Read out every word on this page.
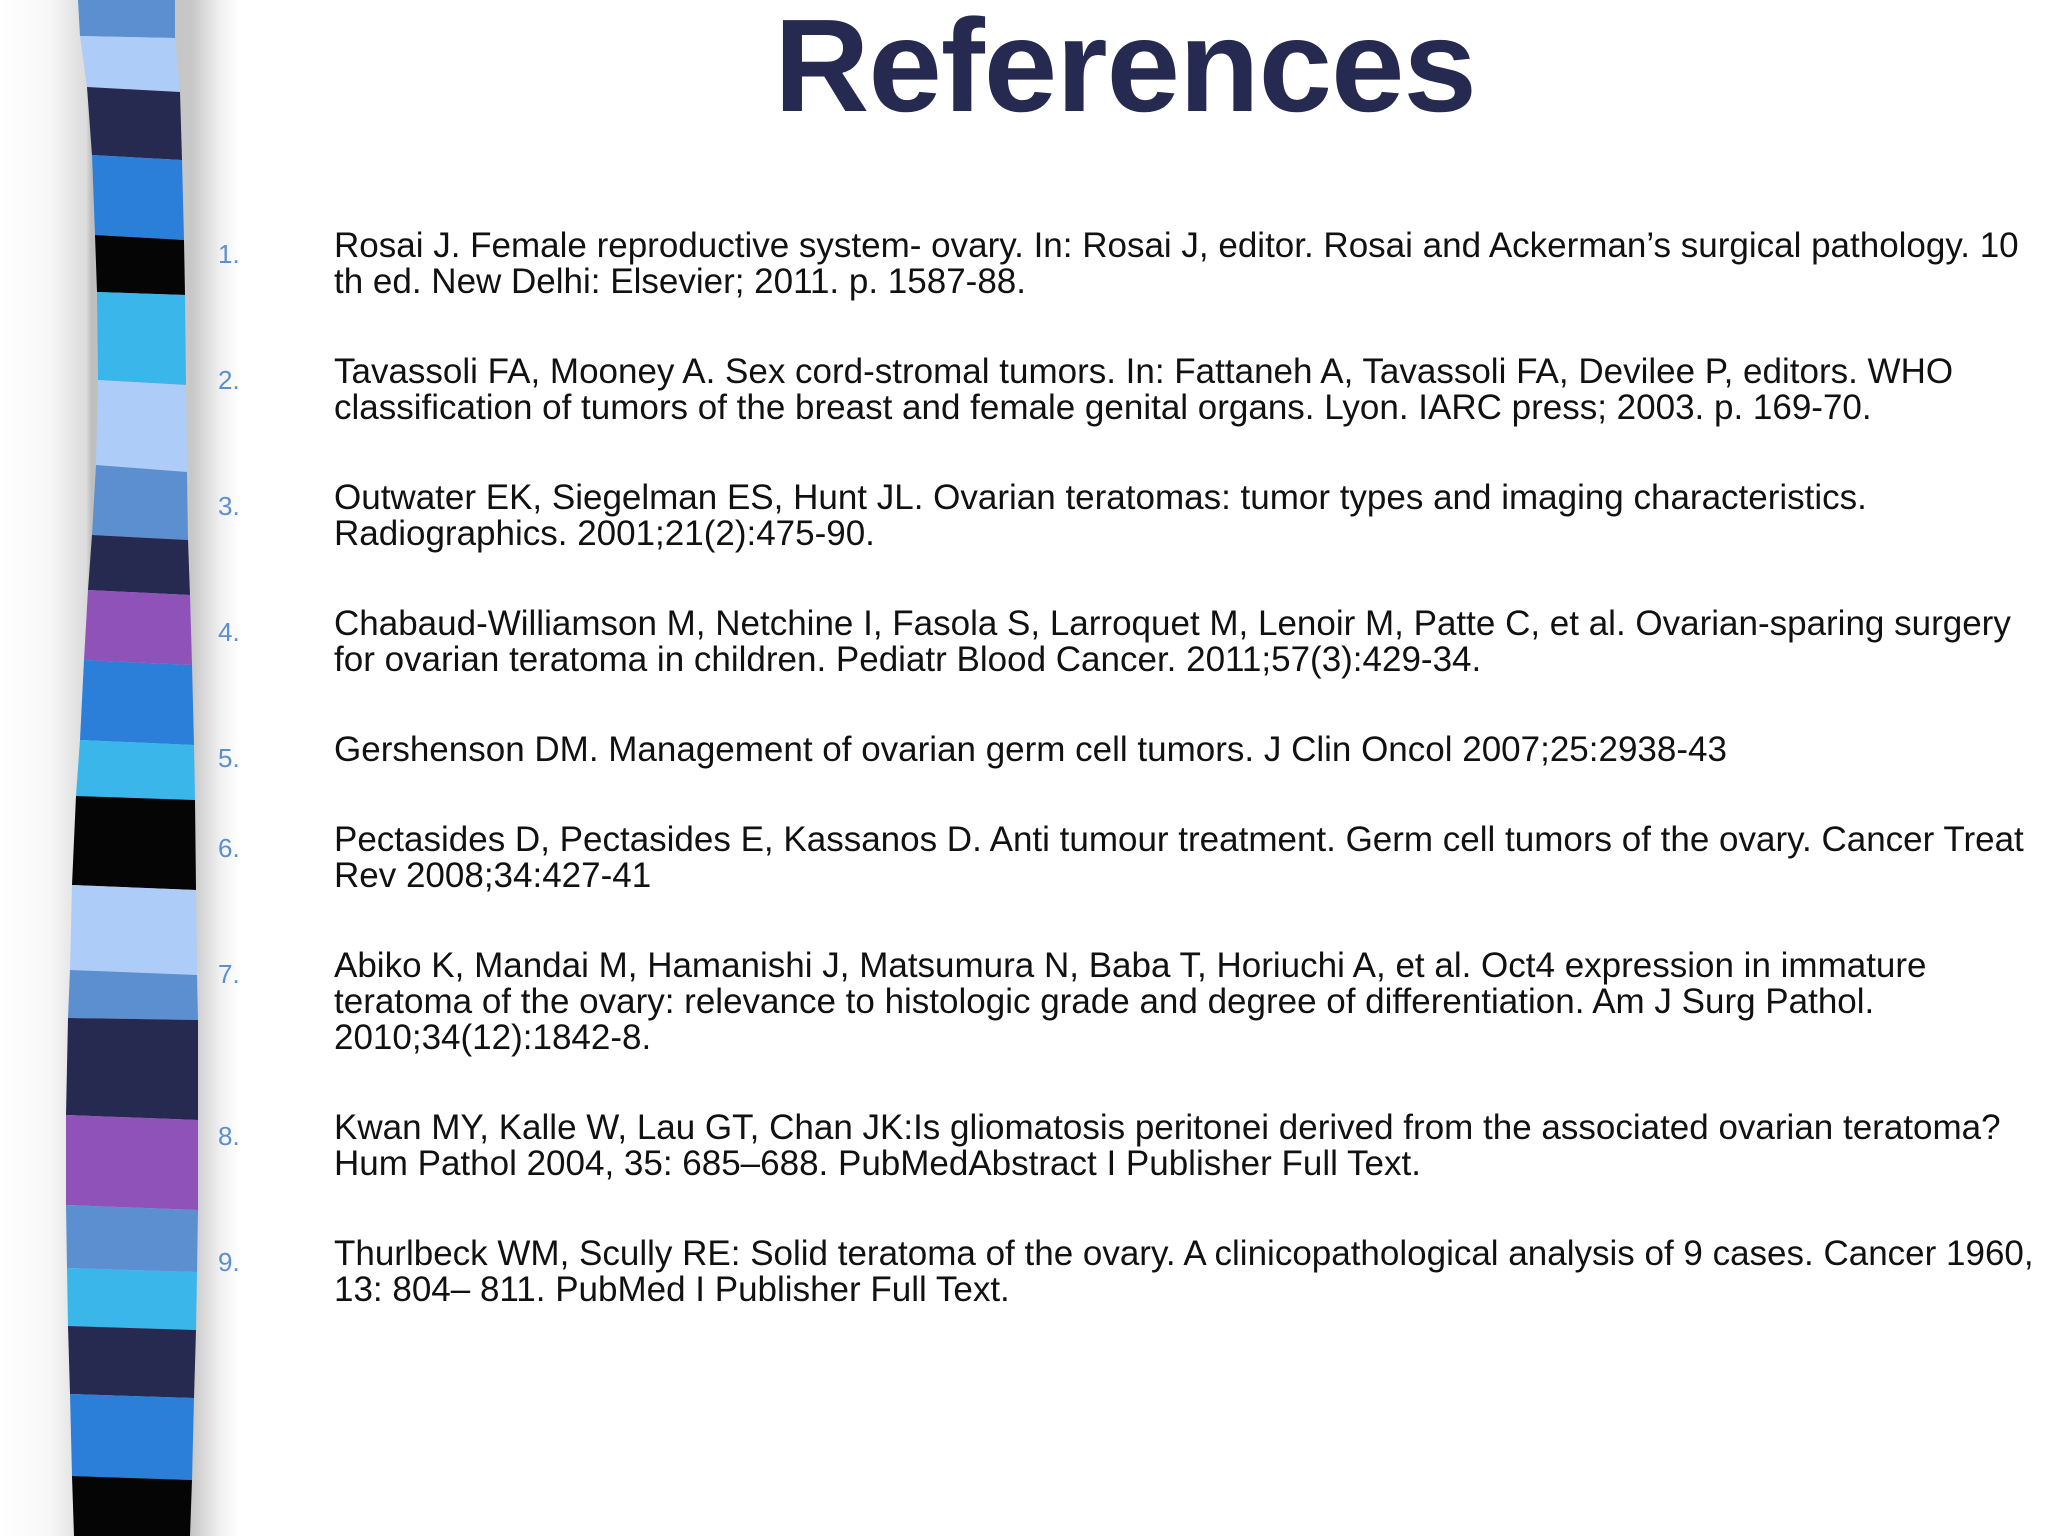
References
1.	Rosai J. Female reproductive system- ovary. In: Rosai J, editor. Rosai and Ackerman’s surgical pathology. 10 th ed. New Delhi: Elsevier; 2011. p. 1587-88.
2.	Tavassoli FA, Mooney A. Sex cord-stromal tumors. In: Fattaneh A, Tavassoli FA, Devilee P, editors. WHO classification of tumors of the breast and female genital organs. Lyon. IARC press; 2003. p. 169-70.
3.	Outwater EK, Siegelman ES, Hunt JL. Ovarian teratomas: tumor types and imaging characteristics. Radiographics. 2001;21(2):475-90.
4.	Chabaud-Williamson M, Netchine I, Fasola S, Larroquet M, Lenoir M, Patte C, et al. Ovarian-sparing surgery for ovarian teratoma in children. Pediatr Blood Cancer. 2011;57(3):429-34.
5.	Gershenson DM. Management of ovarian germ cell tumors. J Clin Oncol 2007;25:2938-43
6.	Pectasides D, Pectasides E, Kassanos D. Anti tumour treatment. Germ cell tumors of the ovary. Cancer Treat Rev 2008;34:427-41
7.	Abiko K, Mandai M, Hamanishi J, Matsumura N, Baba T, Horiuchi A, et al. Oct4 expression in immature teratoma of the ovary: relevance to histologic grade and degree of differentiation. Am J Surg Pathol. 2010;34(12):1842-8.
8.	Kwan MY, Kalle W, Lau GT, Chan JK:Is gliomatosis peritonei derived from the associated ovarian teratoma? Hum Pathol 2004, 35: 685–688. PubMedAbstract I Publisher Full Text.
9.	Thurlbeck WM, Scully RE: Solid teratoma of the ovary. A clinicopathological analysis of 9 cases. Cancer 1960, 13: 804– 811. PubMed I Publisher Full Text.
